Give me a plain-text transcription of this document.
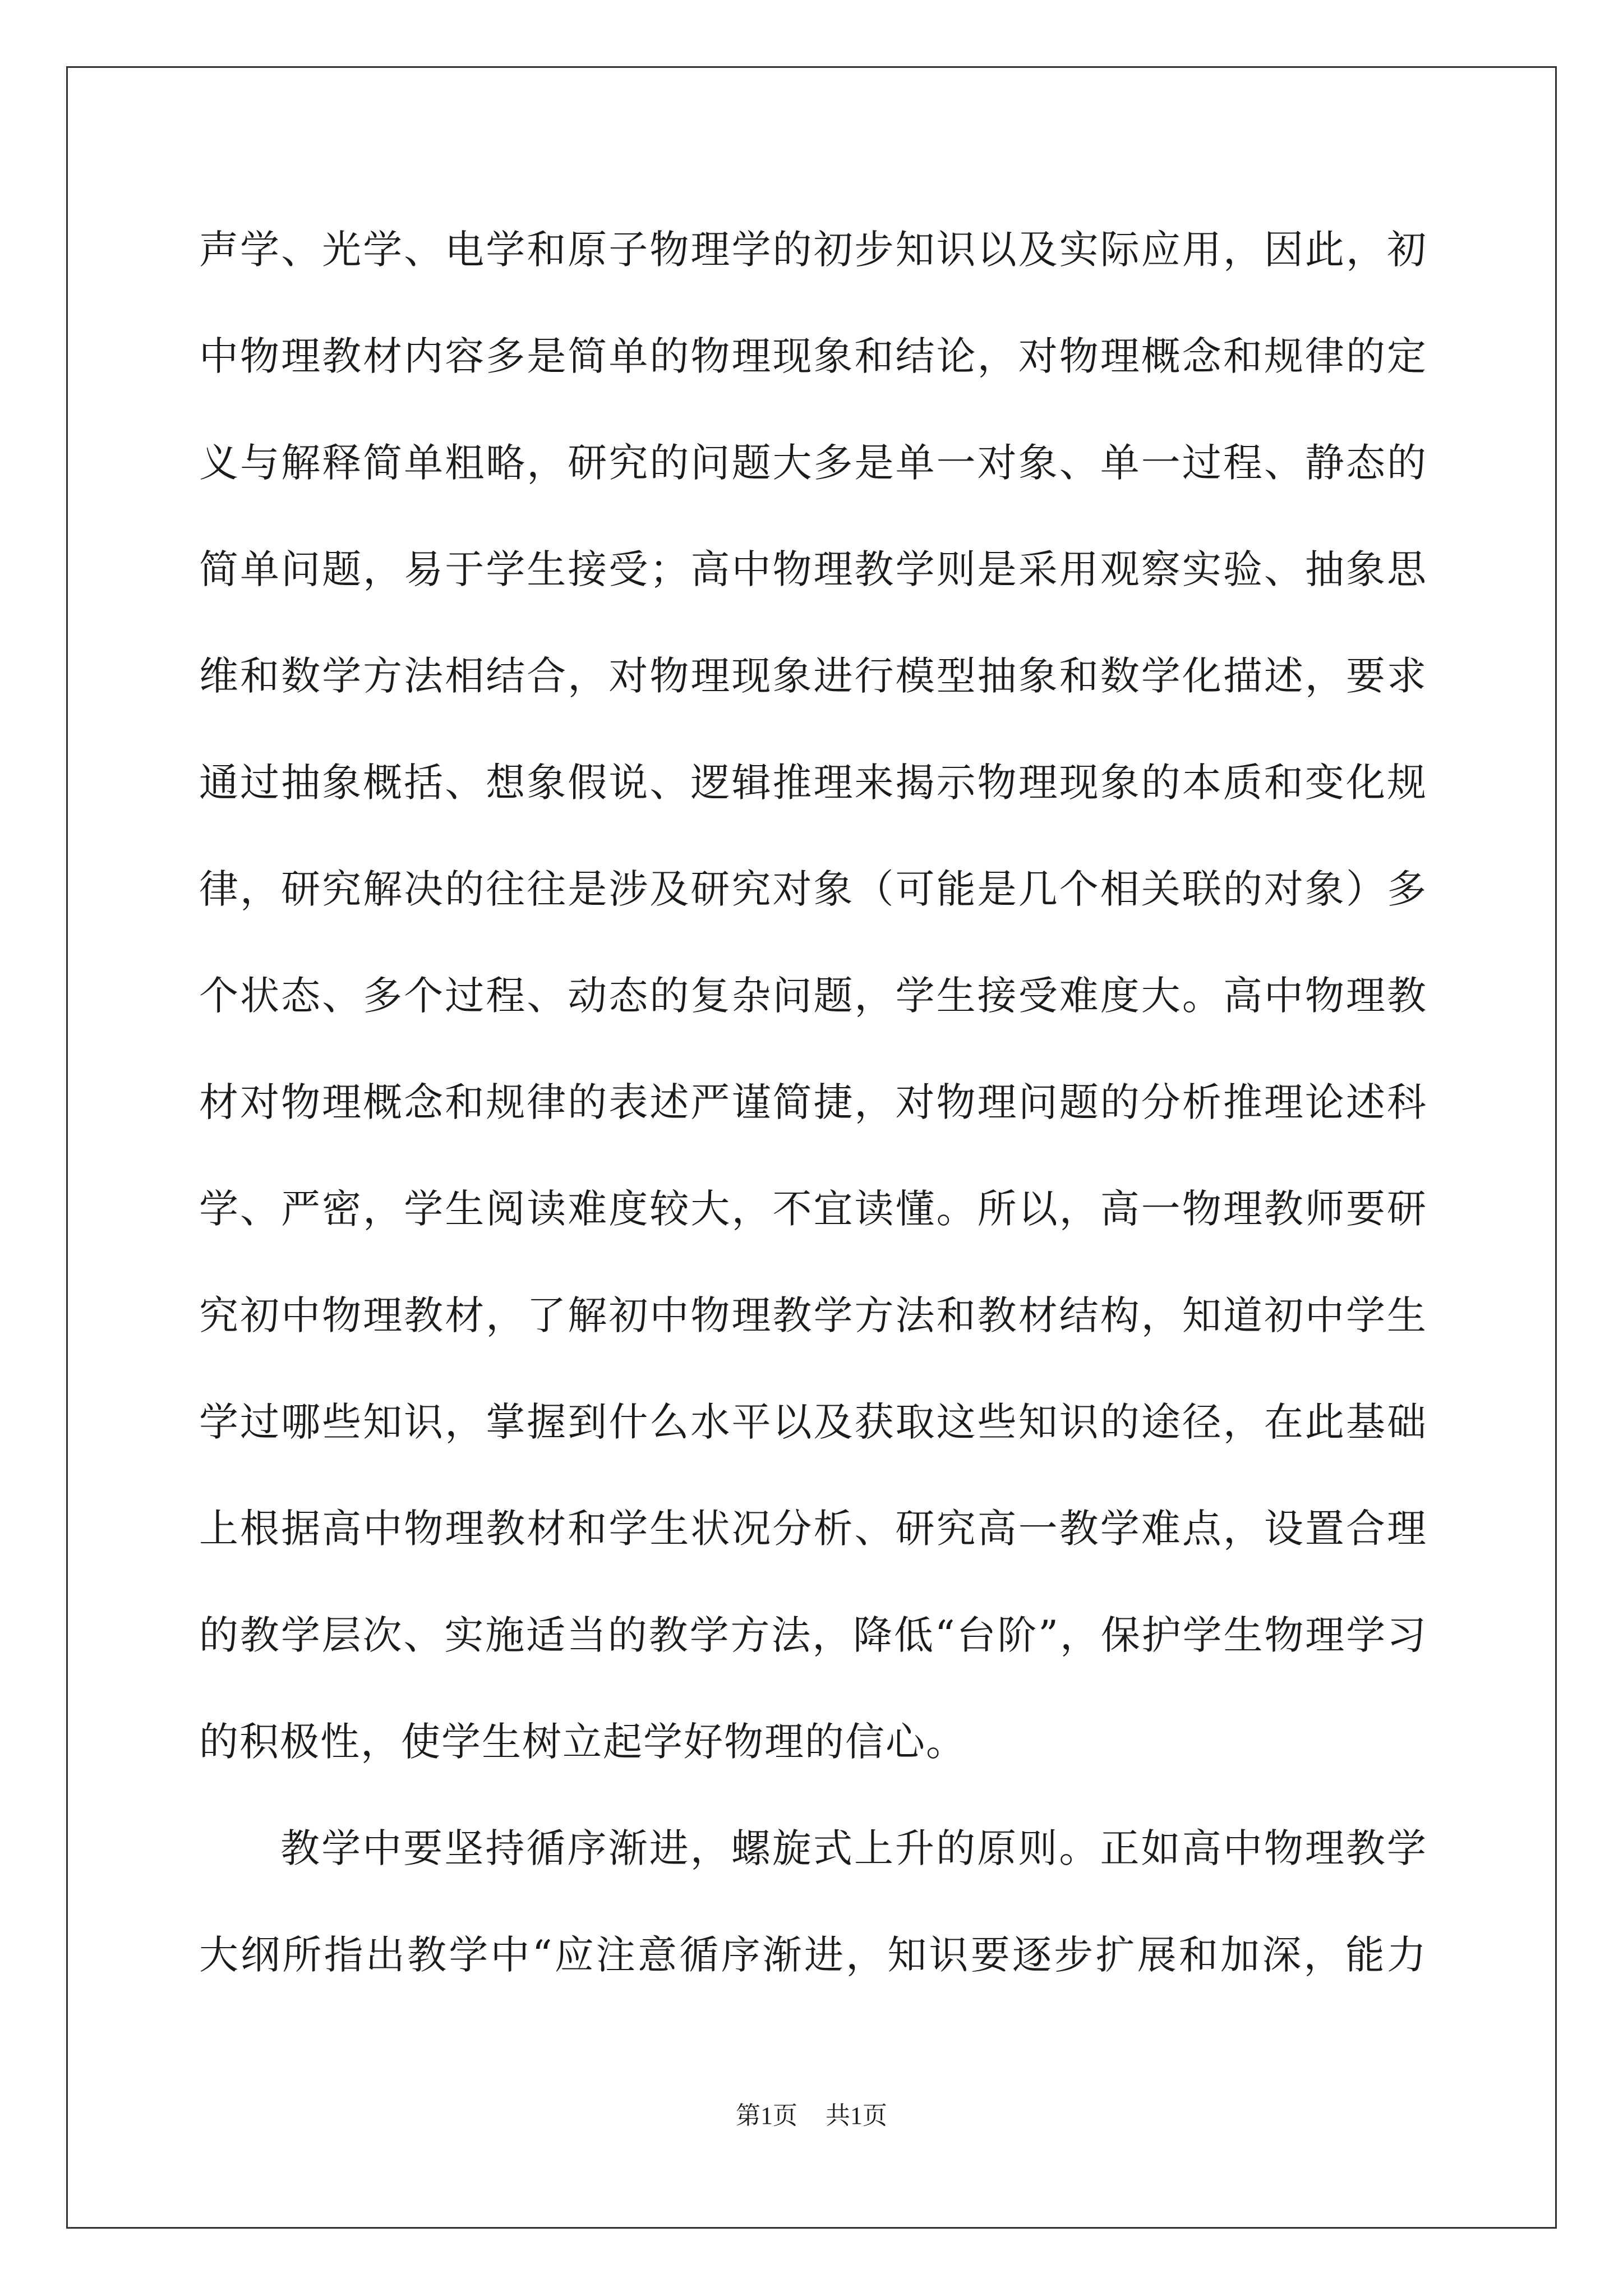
声学、光学、电学和原子物理学的初步知识以及实际应用，因此，初
中物理教材内容多是简单的物理现象和结论，对物理概念和规律的定
义与解释简单粗略，研究的问题大多是单一对象、单一过程、静态的
简单问题，易于学生接受；高中物理教学则是采用观察实验、抽象思
维和数学方法相结合，对物理现象进行模型抽象和数学化描述，要求
通过抽象概括、想象假说、逻辑推理来揭示物理现象的本质和变化规
律，研究解决的往往是涉及研究对象（可能是几个相关联的对象）多
个状态、多个过程、动态的复杂问题，学生接受难度大。高中物理教
材对物理概念和规律的表述严谨简捷，对物理问题的分析推理论述科
学、严密，学生阅读难度较大，不宜读懂。所以，高一物理教师要研
究初中物理教材，了解初中物理教学方法和教材结构，知道初中学生
学过哪些知识，掌握到什么水平以及获取这些知识的途径，在此基础
上根据高中物理教材和学生状况分析、研究高一教学难点，设置合理
的教学层次、实施适当的教学方法，降低“台阶”，保护学生物理学习
的积极性，使学生树立起学好物理的信心。
教学中要坚持循序渐进，螺旋式上升的原则。正如高中物理教学
大纲所指出教学中“应注意循序渐进，知识要逐步扩展和加深，能力
第1页 共1页
